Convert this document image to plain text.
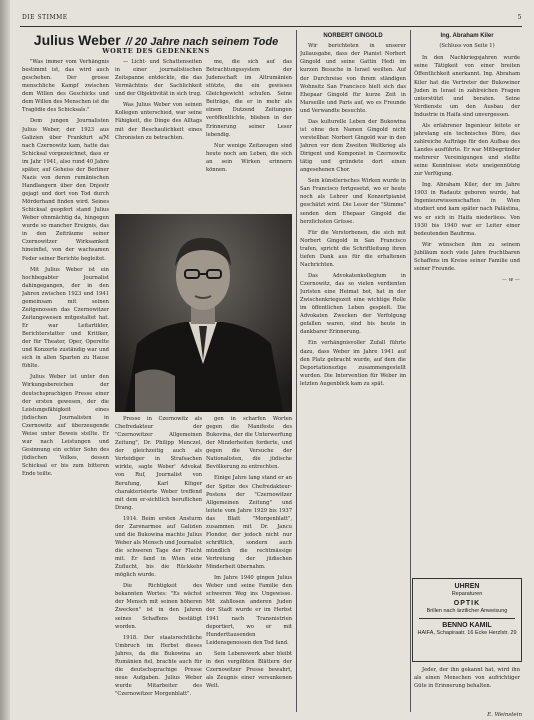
DIE STIMME	5
Julius Weber // 20 Jahre nach seinem Tode
WORTE DES GEDENKENS

"Was immer vom Verhängnis bestimmt ist, das wird auch geschehen. Der grosse menschliche Kampf zwischen dem Willen des Geschicks und dem Willen des Menschen ist die Tragödie des Schicksals."

Dem jungen Journalisten Julius Weber, der 1923 aus Galizien über Frankfurt a/M nach Czernowitz kam, hatte das Schicksal vorgezeichnet, dass er im Jahr 1941, also rund 40 Jahre später, auf Geheiss der Berliner Nazis von deren rumänischen Handlangern über den Dnjestr gejagt und dort von Tod durch Mörderhand finden wird. Seines Schicksal geopfert stand Julius Weber ohnmächtig da, hingegen wurde so mancher Ereignis, das in den Zeiträume seiner Czernowitzer Wirksamkeit hineinfiel, von der wachsamen Feder seiner Berichte begleitet.

Mit Julius Weber ist ein hochbegabter Journalist dahingegangen, der in den Jahren zwischen 1923 und 1941 gemeinsam mit seinen Zeitgenossen das Czernowitzer Zeitungswesen mitgestaltet hat. Er war Leitartikler, Berichterstatter und Kritiker, der für Theater, Oper, Operette und Konzerte zuständig war und sich in allen Sparten zu Hause fühlte.

Julius Weber ist unter den Wirkungsbereichen der deutschsprachigen Presse einer der ersten gewesen, der die Leistungsfähigkeit eines jüdischen Journalisten in Czernowitz auf überzeugende Weise unter Beweis stellte. Er war nach Leistungen und Gesinnung ein echter Sohn des jüdischen Volkes, dessen Schicksal er bis zum bitteren Ende teilte.

— Licht- und Schattenseiten in einer journalistischen Zeitspanne entdeckte, die das Vermächtnis der Sachlichkeit und der Objektivität in sich trug.

Was Julius Weber von seinen Kollegen unterschied, war seine Fähigkeit, die Dinge des Alltags mit der Beschaulichkeit eines Chronisten zu betrachten.

me, die sich auf das Betrachtungssystem der Judenschaft im Altrumänien stützte, die ein gewisses Gleichgewicht schufen. Seine Beiträge, die er in mehr als einem Dutzend Zeitungen veröffentlichte, blieben in der Erinnerung seiner Leser lebendig.

Nur wenige Zeitzeugen sind heute noch am Leben, die sich an sein Wirken erinnern können.

Presse in Czernowitz als Chefredakteur der "Czernowitzer Allgemeinen Zeitung", Dr. Philipp Menczel, der gleichzeitig auch als Verteidiger in Strafsachen wirkte, sagte Weber' Advokat von Ruf, Journalist von Berufung, Karl Klüger charakterisierte Weber treffend mit dem er-sichtlich beruflichen Drang.

1914. Beim ersten Ansturm der Zarenarmee auf Galizien und die Bukowina machte Julius Weber als Mensch und Journalist die schweren Tage der Flucht mit. Er fand in Wien eine Zuflucht, bis die Rückkehr möglich wurde.

Die Richtigkeit des bekannten Wortes: "Es wächst der Mensch mit seinen höheren Zwecken" ist in den Jahren seines Schaffens bestätigt worden.

1918. Der staatsrechtliche Umbruch im Herbst dieses Jahres, da die Bukowina an Rumänien fiel, brachte auch für die deutschsprachige Presse neue Aufgaben. Julius Weber wurde Mitarbeiter des "Czernowitzer Morgenblatt".

gen in scharfen Worten gegen die Manifeste des Bukovina, der die Unterwerfung der Minderheiten forderte, und gegen die Versuche der Nationalisten, die jüdische Bevölkerung zu entrechten.

Einige Jahre lang stand er an der Spitze des Chefredakteur-Postens der "Czernowitzer Allgemeinen Zeitung" und leitete vom Jahre 1929 bis 1937 das Blatt "Morgenblatt", zusammen mit Dr. Jancu Flondor, der jedoch nicht nur schriftlich, sondern auch mündlich die rechtmässige Vertretung der jüdischen Minderheit übernahm.

Im Jahre 1940 gingen Julius Weber und seine Familie den schweren Weg ins Ungewisse. Mit zahllosen anderen Juden der Stadt wurde er im Herbst 1941 nach Transnistrien deportiert, wo er mit Hunderttausenden Leidensgenossen den Tod fand.

Sein Lebenswerk aber bleibt in den vergilbten Blättern der Czernowitzer Presse bewahrt, als Zeugnis einer versunkenen Welt.

NORBERT GINGOLD

Wir berichteten in unserer Juliausgabe, dass der Pianist Norbert Gingold und seine Gattin Hedi im kurzen Besuche in Israel weilten. Auf der Durchreise von ihrem ständigen Wohnsitz San Francisco hielt sich das Ehepaar Gingold für kurze Zeit in Marseille und Paris auf, wo es Freunde und Verwandte besuchte.

Das kulturelle Leben der Bukowina ist ohne den Namen Gingold nicht vorstellbar. Norbert Gingold war in den Jahren vor dem Zweiten Weltkrieg als Dirigent und Komponist in Czernowitz tätig und gründete dort einen angesehenen Chor.

Sein künstlerisches Wirken wurde in San Francisco fortgesetzt, wo er heute noch als Lehrer und Konzertpianist geschätzt wird. Die Leser der "Stimme" senden dem Ehepaar Gingold die herzlichsten Grüsse.

Für die Verstorbenen, die sich mit Norbert Gingold in San Francisco trafen, spricht die Schriftleitung ihren tiefen Dank aus für die erhaltenen Nachrichten.

Das Advokatenkollegium in Czernowitz, das so vielen verdienten Juristen eine Heimat bot, hat in der Zwischenkriegszeit eine wichtige Rolle im öffentlichen Leben gespielt. Die Advokaten Zwecken der Verfolgung gefallen waren, sind bis heute in dankbarer Erinnerung.

Ein verhängnisvoller Zufall führte dazu, dass Weber im Jahre 1941 auf den Platz gebracht wurde, auf dem die Deportationszüge zusammengestellt wurden. Die Intervention für Weber im letzten Augenblick kam zu spät.

Ing. Abraham Kiler
(Schluss von Seite 1)

In den Nachkriegsjahren wurde seine Tätigkeit von einer breiten Öffentlichkeit anerkannt. Ing. Abraham Kiler hat die Vertreter der Bukowiner Juden in Israel in zahlreichen Fragen unterstützt und beraten. Seine Verdienste um den Ausbau der Industrie in Haifa sind unvergessen.

Als erfahrener Ingenieur leitete er jahrelang ein technisches Büro, das zahlreiche Aufträge für den Aufbau des Landes ausführte. Er war Mitbegründer mehrerer Vereinigungen und stellte seine Kenntnisse stets uneigennützig zur Verfügung.

Ing. Abraham Kiler, der im Jahre 1903 in Radautz geboren wurde, hat Ingenieurwissenschaften in Wien studiert und kam später nach Palästina, wo er sich in Haifa niederliess. Von 1930 bis 1940 war er Leiter einer bedeutenden Baufirma.

Wir wünschen ihm zu seinem Jubiläum noch viele Jahre fruchtbaren Schaffens im Kreise seiner Familie und seiner Freunde.

— w —
UHREN
Reparaturen
OPTIK
Brillen nach ärztlicher Anweisung
BENNO KAMIL
HAIFA, Schapiraatr. 16 Ecke Herzlstr. 29

Jeder, der ihn gekannt hat, wird ihn als einen Menschen von aufrichtiger Güte in Erinnerung behalten.

E. Weinstein
